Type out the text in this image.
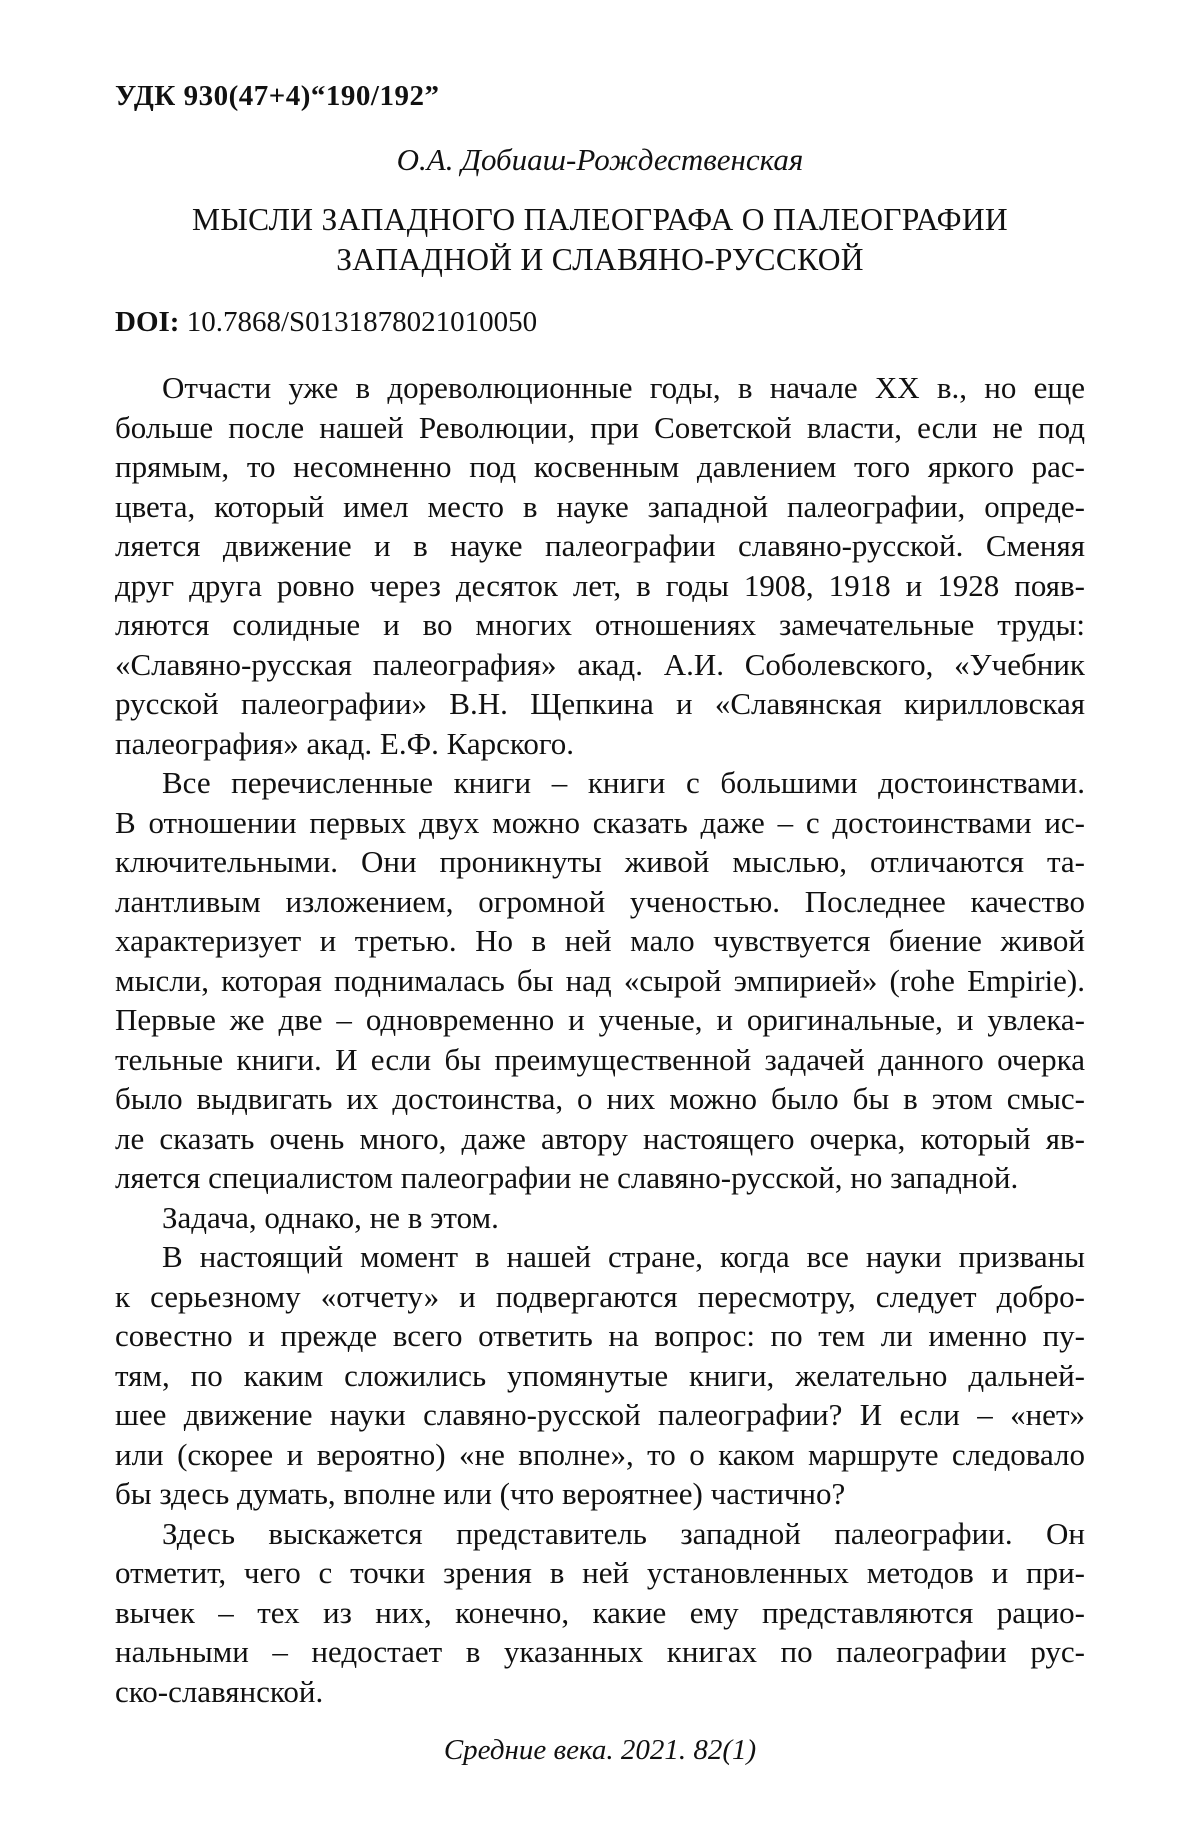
УДК 930(47+4)“190/192”
О.А. Добиаш-Рождественская
МЫСЛИ ЗАПАДНОГО ПАЛЕОГРАФА О ПАЛЕОГРАФИИ
ЗАПАДНОЙ И СЛАВЯНО-РУССКОЙ
DOI: 10.7868/S0131878021010050
Отчасти уже в дореволюционные годы, в начале XX в., но еще
больше после нашей Революции, при Советской власти, если не под
прямым, то несомненно под косвенным давлением того яркого рас-
цвета, который имел место в науке западной палеографии, опреде-
ляется движение и в науке палеографии славяно-русской. Сменяя
друг друга ровно через десяток лет, в годы 1908, 1918 и 1928 появ-
ляются солидные и во многих отношениях замечательные труды:
«Славяно-русская палеография» акад. А.И. Соболевского, «Учебник
русской палеографии» В.Н. Щепкина и «Славянская кирилловская
палеография» акад. Е.Ф. Карского.
Все перечисленные книги – книги с большими достоинствами.
В отношении первых двух можно сказать даже – с достоинствами ис-
ключительными. Они проникнуты живой мыслью, отличаются та-
лантливым изложением, огромной ученостью. Последнее качество
характеризует и третью. Но в ней мало чувствуется биение живой
мысли, которая поднималась бы над «сырой эмпирией» (rohe Empirie).
Первые же две – одновременно и ученые, и оригинальные, и увлека-
тельные книги. И если бы преимущественной задачей данного очерка
было выдвигать их достоинства, о них можно было бы в этом смыс-
ле сказать очень много, даже автору настоящего очерка, который яв-
ляется специалистом палеографии не славяно-русской, но западной.
Задача, однако, не в этом.
В настоящий момент в нашей стране, когда все науки призваны
к серьезному «отчету» и подвергаются пересмотру, следует добро-
совестно и прежде всего ответить на вопрос: по тем ли именно пу-
тям, по каким сложились упомянутые книги, желательно дальней-
шее движение науки славяно-русской палеографии? И если – «нет»
или (скорее и вероятно) «не вполне», то о каком маршруте следовало
бы здесь думать, вполне или (что вероятнее) частично?
Здесь выскажется представитель западной палеографии. Он
отметит, чего с точки зрения в ней установленных методов и при-
вычек – тех из них, конечно, какие ему представляются рацио-
нальными – недостает в указанных книгах по палеографии рус-
ско-славянской.
Средние века. 2021. 82(1)
